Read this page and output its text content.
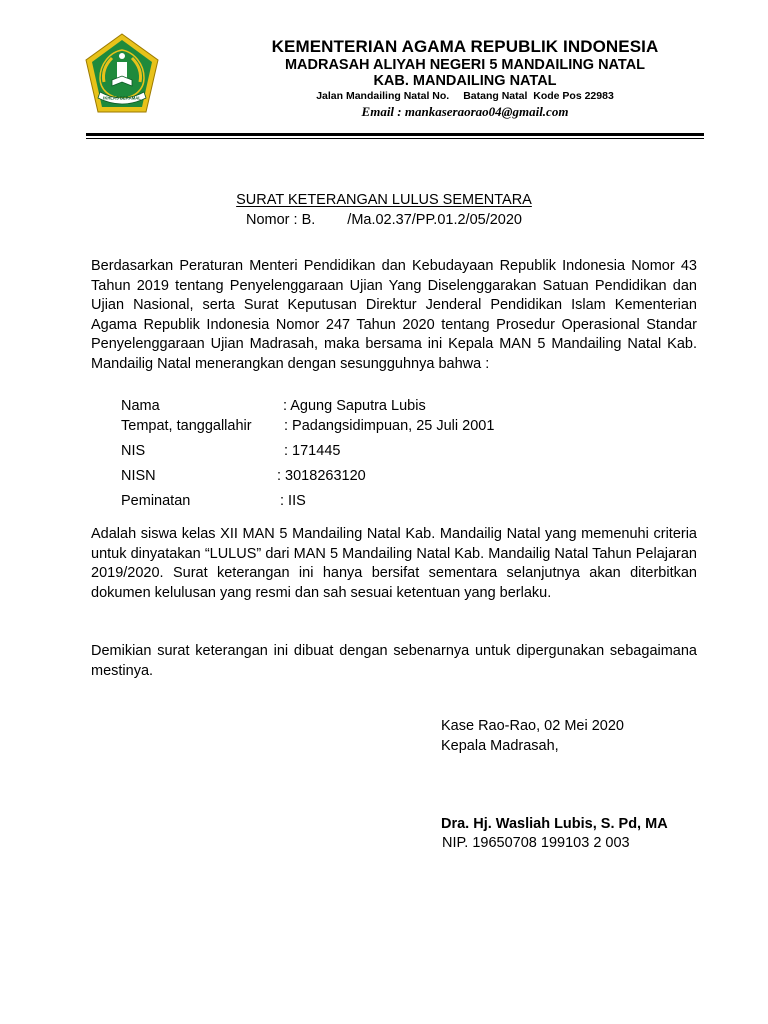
IKHLAS BERAMAL
KEMENTERIAN AGAMA REPUBLIK INDONESIA
MADRASAH ALIYAH NEGERI 5 MANDAILING NATAL
KAB. MANDAILING NATAL
Jalan Mandailing Natal No. Batang Natal Kode Pos 22983
Email : mankaseraorao04@gmail.com
SURAT KETERANGAN LULUS SEMENTARA
Nomor : B. /Ma.02.37/PP.01.2/05/2020

Berdasarkan Peraturan Menteri Pendidikan dan Kebudayaan Republik Indonesia Nomor 43 Tahun 2019 tentang Penyelenggaraan Ujian Yang Diselenggarakan Satuan Pendidikan dan Ujian Nasional, serta Surat Keputusan Direktur Jenderal Pendidikan Islam Kementerian Agama Republik Indonesia Nomor 247 Tahun 2020 tentang Prosedur Operasional Standar Penyelenggaraan Ujian Madrasah, maka bersama ini Kepala MAN 5 Mandailing Natal Kab. Mandailig Natal menerangkan dengan sesungguhnya bahwa :

Nama	: Agung Saputra Lubis
Tempat, tanggallahir : Padangsidimpuan, 25 Juli 2001
NIS	: 171445
NISN	: 3018263120
Peminatan	: IIS

Adalah siswa kelas XII MAN 5 Mandailing Natal Kab. Mandailig Natal yang memenuhi criteria untuk dinyatakan “LULUS” dari MAN 5 Mandailing Natal Kab. Mandailig Natal Tahun Pelajaran 2019/2020. Surat keterangan ini hanya bersifat sementara selanjutnya akan diterbitkan dokumen kelulusan yang resmi dan sah sesuai ketentuan yang berlaku.

Demikian surat keterangan ini dibuat dengan sebenarnya untuk dipergunakan sebagaimana mestinya.

Kase Rao-Rao, 02 Mei 2020
Kepala Madrasah,
Dra. Hj. Wasliah Lubis, S. Pd, MA
NIP. 19650708 199103 2 003
